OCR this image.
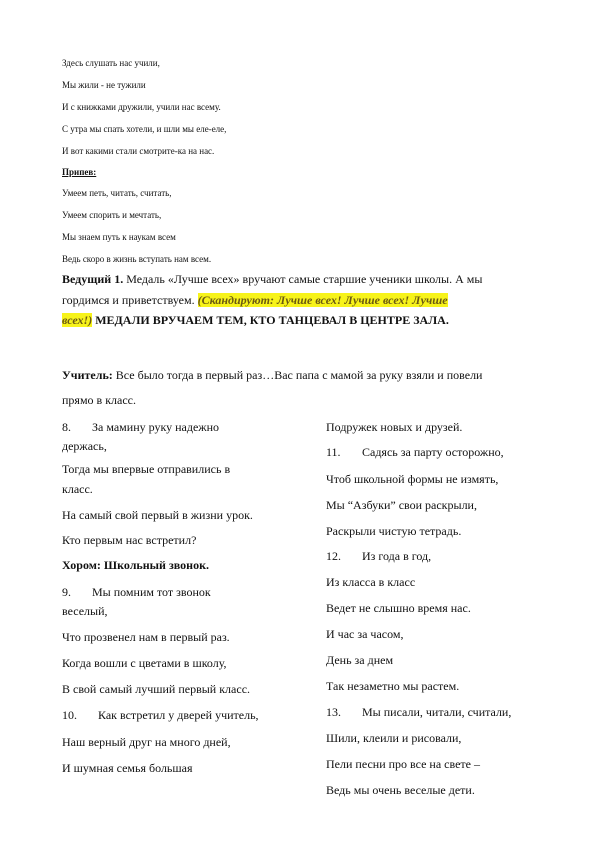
Здесь слушать нас учили,

Мы жили - не тужили

И с книжками дружили, учили нас всему.

С утра мы спать хотели, и шли мы еле-еле,

И вот какими стали смотрите-ка на нас.

Припев:

Умеем петь, читать, считать,

Умеем спорить и мечтать,

Мы знаем путь к наукам всем

Ведь скоро в жизнь вступать нам всем.

Ведущий 1. Медаль «Лучше всех» вручают самые старшие ученики школы. А мы

гордимся и приветствуем. (Скандируют: Лучше всех! Лучше всех! Лучше

всех!) МЕДАЛИ ВРУЧАЕМ ТЕМ, КТО ТАНЦЕВАЛ В ЦЕНТРЕ ЗАЛА.

Учитель: Все было тогда в первый раз…Вас папа с мамой за руку взяли и повели

прямо в класс.

8. За мамину руку надежно

держась,

Тогда мы впервые отправились в

класс.

На самый свой первый в жизни урок.

Кто первым нас встретил?

Хором: Школьный звонок.

9. Мы помним тот звонок

веселый,

Что прозвенел нам в первый раз.

Когда вошли с цветами в школу,

В свой самый лучший первый класс.

10. Как встретил у дверей учитель,

Наш верный друг на много дней,

И шумная семья большая

Подружек новых и друзей.

11. Садясь за парту осторожно,

Чтоб школьной формы не измять,

Мы “Азбуки” свои раскрыли,

Раскрыли чистую тетрадь.

12. Из года в год,

Из класса в класс

Ведет не слышно время нас.

И час за часом,

День за днем

Так незаметно мы растем.

13. Мы писали, читали, считали,

Шили, клеили и рисовали,

Пели песни про все на свете –

Ведь мы очень веселые дети.
